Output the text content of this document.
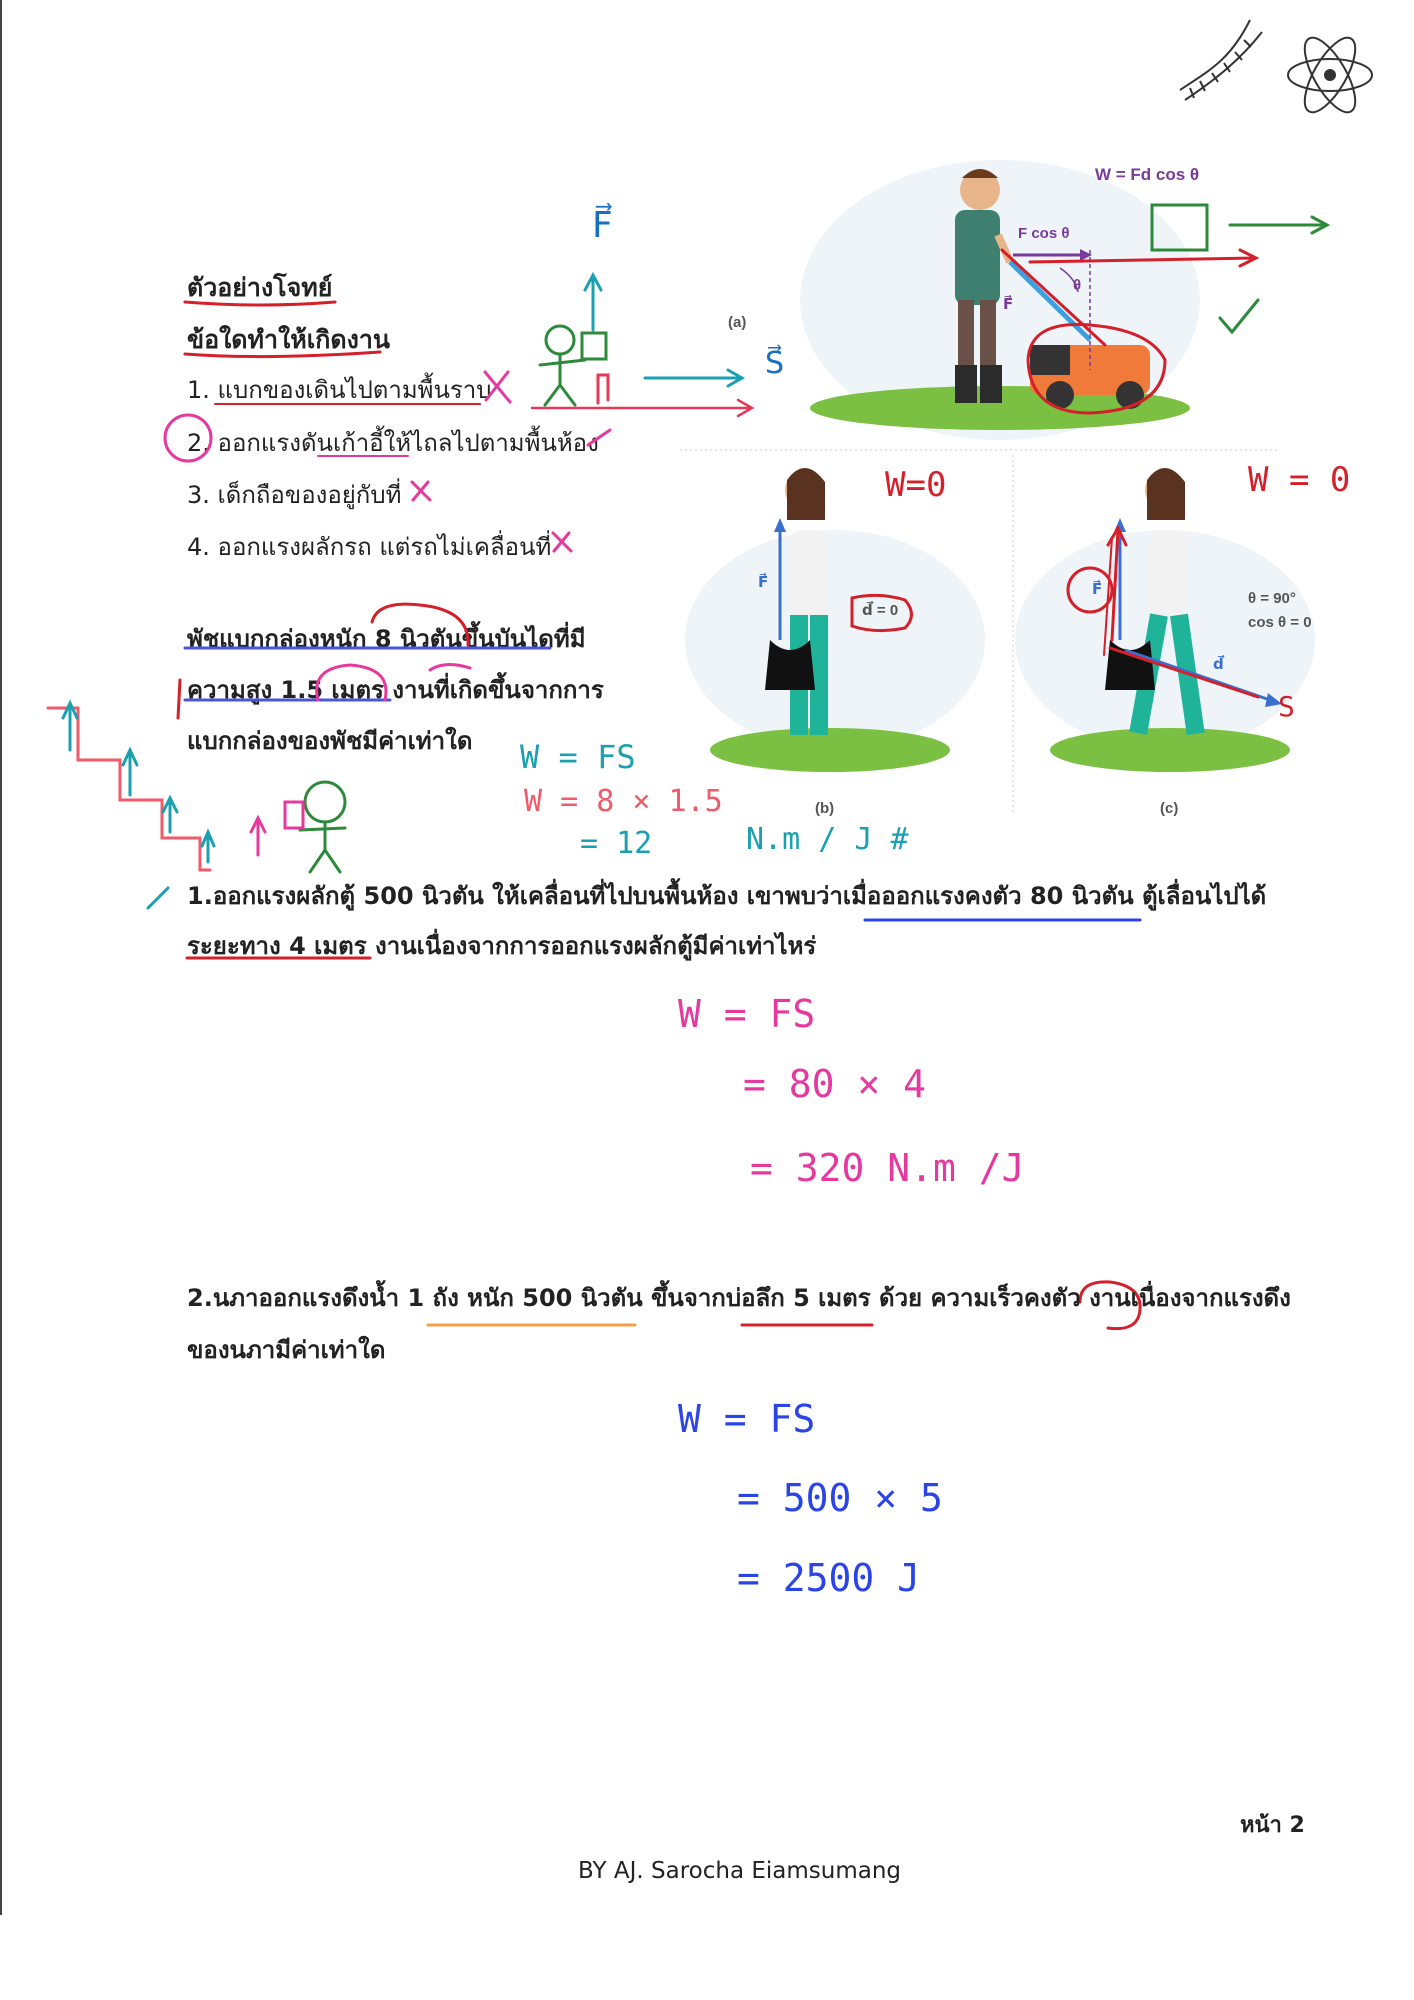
ตัวอย่างโจทย์
ข้อใดทำให้เกิดงาน
1. แบกของเดินไปตามพื้นราบ
2. ออกแรงดันเก้าอี้ให้ไถลไปตามพื้นห้อง
3. เด็กถือของอยู่กับที่
4. ออกแรงผลักรถ แต่รถไม่เคลื่อนที่
พัชแบกกล่องหนัก 8 นิวตันขึ้นบันไดที่มี
ความสูง 1.5 เมตร งานที่เกิดขึ้นจากการ
แบกกล่องของพัชมีค่าเท่าใด W = FS
W = 8 × 1.5
= 12	N.m / J #
(a)
(b)	(c)
W = Fd cos θ
F cos θ
θ
F⃗
F⃗
d⃗ = 0
F⃗
θ = 90°
cos θ = 0
d⃗
W=0	W = 0
S
S⃗
F⃗
1.ออกแรงผลักตู้ 500 นิวตัน ให้เคลื่อนที่ไปบนพื้นห้อง เขาพบว่าเมื่อออกแรงคงตัว 80 นิวตัน ตู้เลื่อนไปได้
ระยะทาง 4 เมตร งานเนื่องจากการออกแรงผลักตู้มีค่าเท่าไหร่
W = FS
= 80 × 4
= 320 N.m /J
2.นภาออกแรงดึงน้ำ 1 ถัง หนัก 500 นิวตัน ขึ้นจากบ่อลึก 5 เมตร ด้วย ความเร็วคงตัว งานเนื่องจากแรงดึง
ของนภามีค่าเท่าใด
W = FS
= 500 × 5
= 2500 J
หน้า 2
BY AJ. Sarocha Eiamsumang
